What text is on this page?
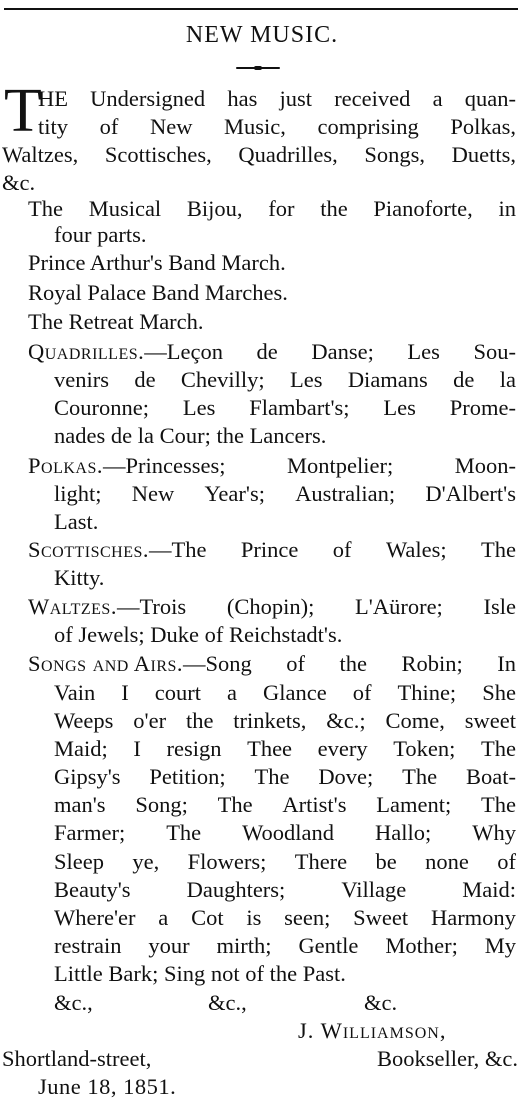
NEW MUSIC.
T
HE Undersigned has just received a quan-
tity of New Music, comprising Polkas,
Waltzes, Scottisches, Quadrilles, Songs, Duetts,
&c.
The Musical Bijou, for the Pianoforte, in
four parts.
Prince Arthur's Band March.
Royal Palace Band Marches.
The Retreat March.
Quadrilles. —Leçon de Danse; Les Sou-
venirs de Chevilly; Les Diamans de la
Couronne; Les Flambart's; Les Prome-
nades de la Cour; the Lancers.
Polkas. —Princesses;	Montpelier;	Moon-
light; New Year's; Australian; D'Albert's
Last.
Scottisches. —The Prince of Wales; The
Kitty.
Waltzes. —Trois (Chopin); L'Aürore; Isle
of Jewels; Duke of Reichstadt's.
Songs and Airs. —Song of the Robin; In
Vain I court a Glance of Thine; She
Weeps o'er the trinkets, &c.; Come, sweet
Maid; I resign Thee every Token; The
Gipsy's Petition; The Dove; The Boat-
man's Song; The Artist's Lament; The
Farmer; The Woodland Hallo; Why
Sleep ye, Flowers; There be none of
Beauty's Daughters; Village Maid:
Where'er a Cot is seen; Sweet Harmony
restrain your mirth; Gentle Mother; My
Little Bark; Sing not of the Past.
&c.,	&c.,	&c.
J. Williamson,
Shortland-street,	Bookseller, &c.
June 18, 1851.
